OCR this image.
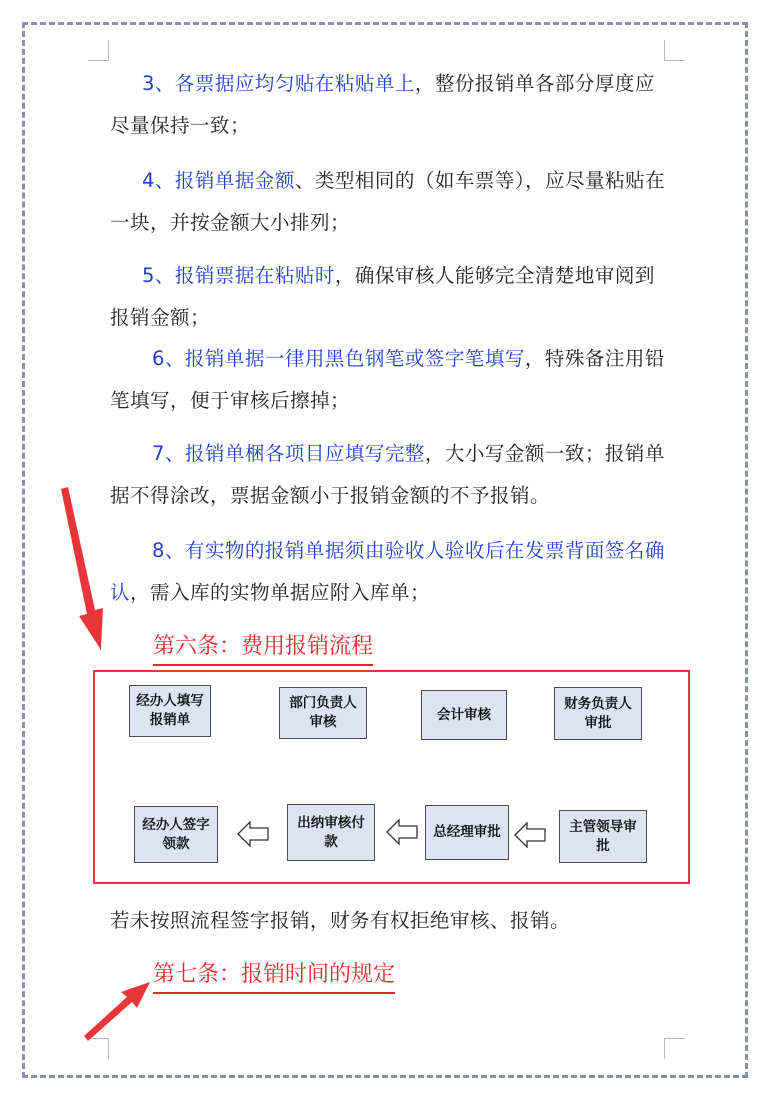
3、各票据应均匀贴在粘贴单上，整份报销单各部分厚度应尽量保持一致；
4、报销单据金额、类型相同的（如车票等），应尽量粘贴在一块，并按金额大小排列；
5、报销票据在粘贴时，确保审核人能够完全清楚地审阅到报销金额；
6、报销单据一律用黑色钢笔或签字笔填写，特殊备注用铅笔填写，便于审核后擦掉；
7、报销单梱各项目应填写完整，大小写金额一致；报销单据不得涂改，票据金额小于报销金额的不予报销。
8、有实物的报销单据须由验收人验收后在发票背面签名确认，需入库的实物单据应附入库单；
第六条：费用报销流程
经办人填写报销单
部门负责人审核	会计审核
财务负责人审批
经办人签字领款
出纳审核付款
总经理审批	主管领导审批
若未按照流程签字报销，财务有权拒绝审核、报销。
第七条：报销时间的规定
